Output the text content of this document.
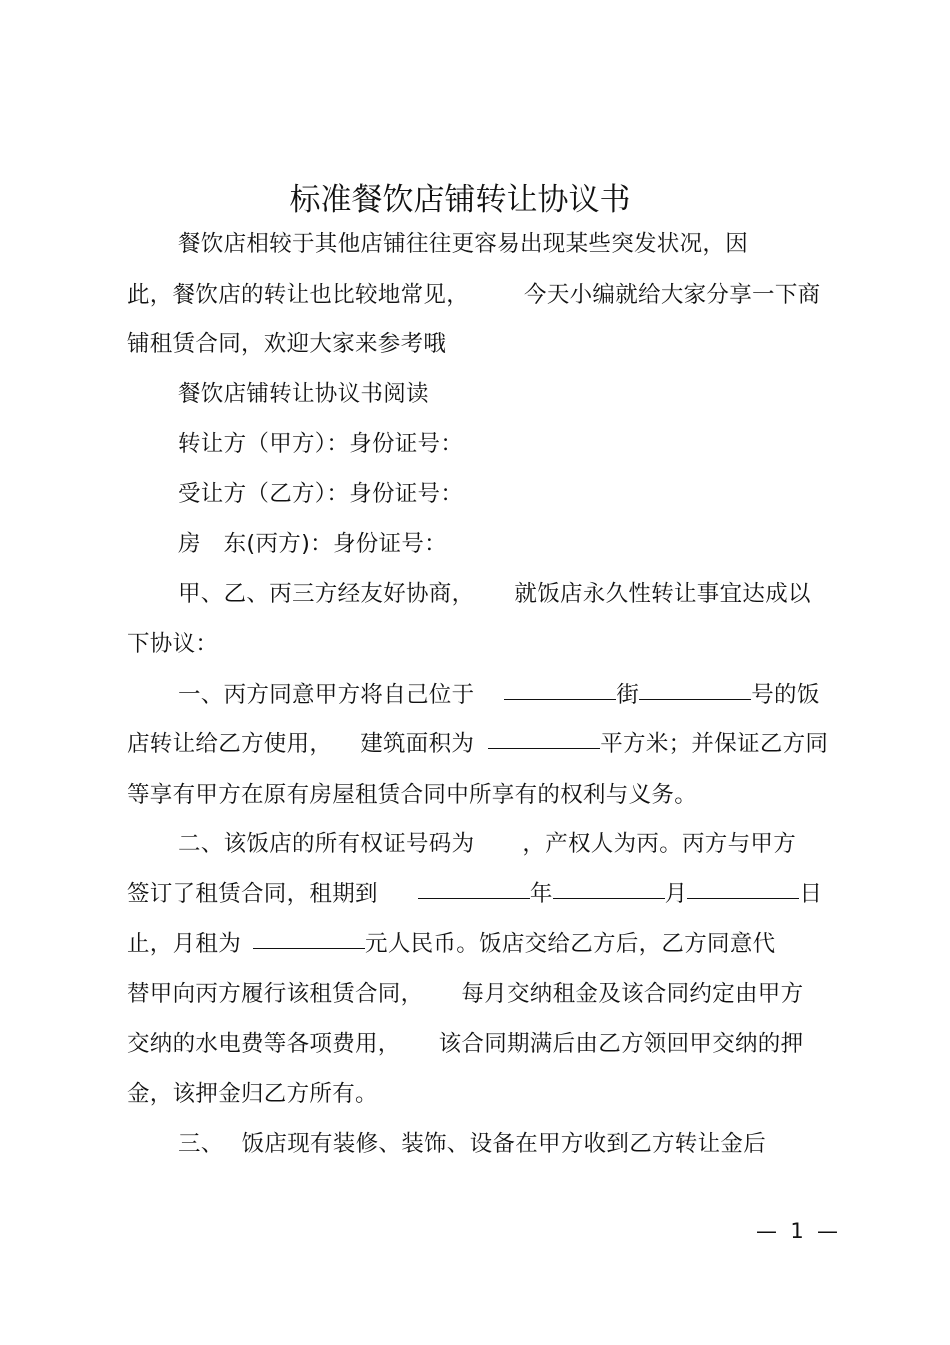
标准餐饮店铺转让协议书
餐饮店相较于其他店铺往往更容易出现某些突发状况，因
此，餐饮店的转让也比较地常见， 今天小编就给大家分享一下商
铺租赁合同，欢迎大家来参考哦
餐饮店铺转让协议书阅读
转让方（甲方）：身份证号：
受让方（乙方）：身份证号：
房　东(丙方)：身份证号：
甲、乙、丙三方经友好协商， 就饭店永久性转让事宜达成以
下协议：
一、丙方同意甲方将自己位于	街	号的饭
店转让给乙方使用， 建筑面积为	平方米；并保证乙方同
等享有甲方在原有房屋租赁合同中所享有的权利与义务。
二、该饭店的所有权证号码为 ，产权人为丙。丙方与甲方
签订了租赁合同，租期到	年	月	日
止，月租为	元人民币。饭店交给乙方后，乙方同意代
替甲向丙方履行该租赁合同， 每月交纳租金及该合同约定由甲方
交纳的水电费等各项费用， 该合同期满后由乙方领回甲交纳的押
金，该押金归乙方所有。
三、 饭店现有装修、装饰、设备在甲方收到乙方转让金后
—  1  —
